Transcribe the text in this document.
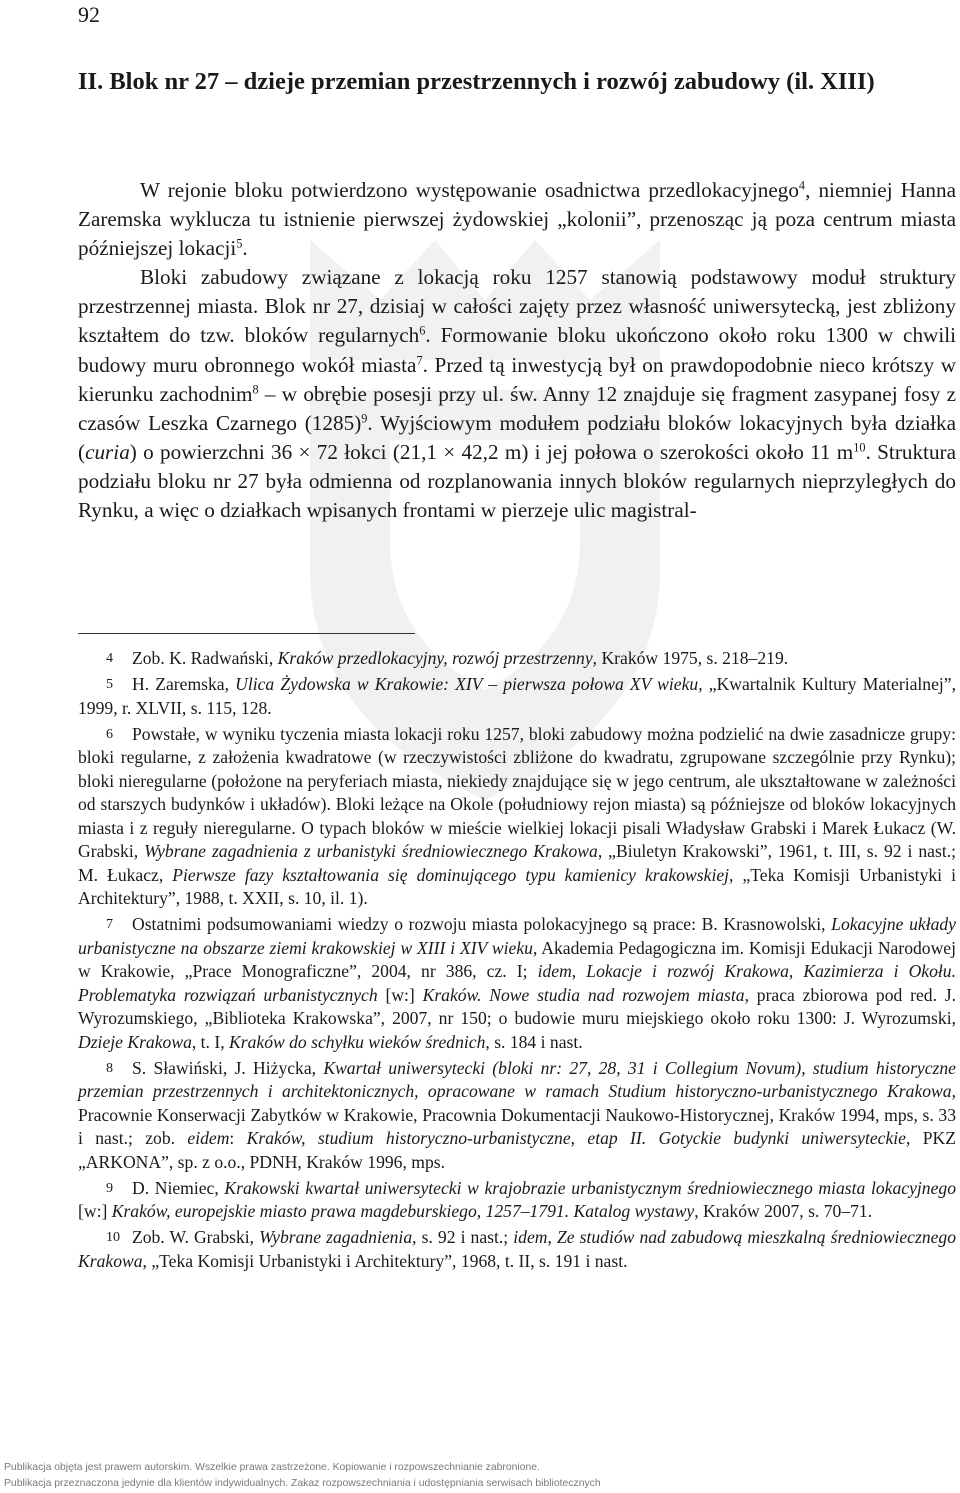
92
II. Blok nr 27 – dzieje przemian przestrzennych i rozwój zabudowy (il. XIII)

W rejonie bloku potwierdzono występowanie osadnictwa przedlokacyjnego$^4$, niemniej Hanna Zaremska wyklucza tu istnienie pierwszej żydowskiej „kolonii”, przenosząc ją poza centrum miasta późniejszej lokacji$^5$.

Bloki zabudowy związane z lokacją roku 1257 stanowią podstawowy moduł struktury przestrzennej miasta. Blok nr 27, dzisiaj w całości zajęty przez własność uniwersytecką, jest zbliżony kształtem do tzw. bloków regularnych$^6$. Formowanie bloku ukończono około roku 1300 w chwili budowy muru obronnego wokół miasta$^7$. Przed tą inwestycją był on prawdopodobnie nieco krótszy w kierunku zachodnim$^8$ – w obrębie posesji przy ul. św. Anny 12 znajduje się fragment zasypanej fosy z czasów Leszka Czarnego $(1285)^9$. Wyjściowym modułem podziału bloków lokacyjnych była działka (curia) o powierzchni 36 × 72 łokci (21,1 × 42,2 m) i jej połowa o szerokości około 11 $m^{10}$. Struktura podziału bloku nr 27 była odmienna od rozplanowania innych bloków regularnych nieprzyległych do Rynku, a więc o działkach wpisanych frontami w pierzeje ulic magistral-

4 Zob. K. Radwański, Kraków przedlokacyjny, rozwój przestrzenny, Kraków 1975, s. 218–219.

5 H. Zaremska, Ulica Żydowska w Krakowie: XIV – pierwsza połowa XV wieku, „Kwartalnik Kultury Materialnej”, 1999, r. XLVII, s. 115, 128.

6 Powstałe, w wyniku tyczenia miasta lokacji roku 1257, bloki zabudowy można podzielić na dwie zasadnicze grupy: bloki regularne, z założenia kwadratowe (w rzeczywistości zbliżone do kwadratu, zgrupowane szczególnie przy Rynku); bloki nieregularne (położone na peryferiach miasta, niekiedy znajdujące się w jego centrum, ale ukształtowane w zależności od starszych budynków i układów). Bloki leżące na Okole (południowy rejon miasta) są późniejsze od bloków lokacyjnych miasta i z reguły nieregularne. O typach bloków w mieście wielkiej lokacji pisali Władysław Grabski i Marek Łukacz (W. Grabski, Wybrane zagadnienia z urbanistyki średniowiecznego Krakowa, „Biuletyn Krakowski”, 1961, t. III, s. 92 i nast.; M. Łukacz, Pierwsze fazy kształtowania się dominującego typu kamienicy krakowskiej, „Teka Komisji Urbanistyki i Architektury”, 1988, t. XXII, s. 10, il. 1).

7 Ostatnimi podsumowaniami wiedzy o rozwoju miasta polokacyjnego są prace: B. Krasnowolski, Lokacyjne układy urbanistyczne na obszarze ziemi krakowskiej w XIII i XIV wieku, Akademia Pedagogiczna im. Komisji Edukacji Narodowej w Krakowie, „Prace Monograficzne”, 2004, nr 386, cz. I; idem, Lokacje i rozwój Krakowa, Kazimierza i Okołu. Problematyka rozwiązań urbanistycznych [w:] Kraków. Nowe studia nad rozwojem miasta, praca zbiorowa pod red. J. Wyrozumskiego, „Biblioteka Krakowska”, 2007, nr 150; o budowie muru miejskiego około roku 1300: J. Wyrozumski, Dzieje Krakowa, t. I, Kraków do schyłku wieków średnich, s. 184 i nast.

8 S. Sławiński, J. Hiżycka, Kwartał uniwersytecki (bloki nr: 27, 28, 31 i Collegium Novum), studium historyczne przemian przestrzennych i architektonicznych, opracowane w ramach Studium historyczno-urbanistycznego Krakowa, Pracownie Konserwacji Zabytków w Krakowie, Pracownia Dokumentacji Naukowo-Historycznej, Kraków 1994, mps, s. 33 i nast.; zob. eidem: Kraków, studium historyczno-urbanistyczne, etap II. Gotyckie budynki uniwersyteckie, PKZ „ARKONA”, sp. z o.o., PDNH, Kraków 1996, mps.

9 D. Niemiec, Krakowski kwartał uniwersytecki w krajobrazie urbanistycznym średniowiecznego miasta lokacyjnego [w:] Kraków, europejskie miasto prawa magdeburskiego, 1257–1791. Katalog wystawy, Kraków 2007, s. 70–71.

10 Zob. W. Grabski, Wybrane zagadnienia, s. 92 i nast.; idem, Ze studiów nad zabudową mieszkalną średniowiecznego Krakowa, „Teka Komisji Urbanistyki i Architektury”, 1968, t. II, s. 191 i nast.

Publikacja objęta jest prawem autorskim. Wszelkie prawa zastrzeżone. Kopiowanie i rozpowszechnianie zabronione.
Publikacja przeznaczona jedynie dla klientów indywidualnych. Zakaz rozpowszechniania i udostępniania serwisach bibliotecznych
